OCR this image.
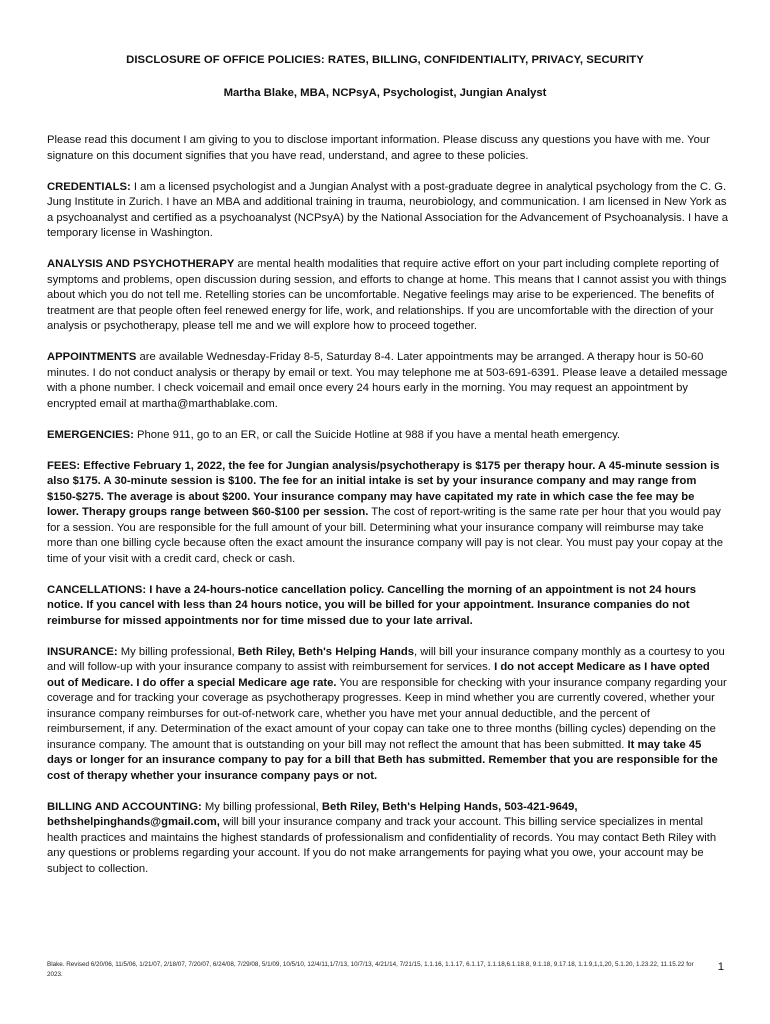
DISCLOSURE OF OFFICE POLICIES: RATES, BILLING, CONFIDENTIALITY, PRIVACY, SECURITY
Martha Blake, MBA, NCPsyA, Psychologist, Jungian Analyst

Please read this document I am giving to you to disclose important information. Please discuss any questions you have with me. Your signature on this document signifies that you have read, understand, and agree to these policies.

CREDENTIALS: I am a licensed psychologist and a Jungian Analyst with a post-graduate degree in analytical psychology from the C. G. Jung Institute in Zurich. I have an MBA and additional training in trauma, neurobiology, and communication. I am licensed in New York as a psychoanalyst and certified as a psychoanalyst (NCPsyA) by the National Association for the Advancement of Psychoanalysis. I have a temporary license in Washington.

ANALYSIS AND PSYCHOTHERAPY are mental health modalities that require active effort on your part including complete reporting of symptoms and problems, open discussion during session, and efforts to change at home. This means that I cannot assist you with things about which you do not tell me. Retelling stories can be uncomfortable. Negative feelings may arise to be experienced. The benefits of treatment are that people often feel renewed energy for life, work, and relationships. If you are uncomfortable with the direction of your analysis or psychotherapy, please tell me and we will explore how to proceed together.

APPOINTMENTS are available Wednesday-Friday 8-5, Saturday 8-4. Later appointments may be arranged. A therapy hour is 50-60 minutes. I do not conduct analysis or therapy by email or text. You may telephone me at 503-691-6391. Please leave a detailed message with a phone number. I check voicemail and email once every 24 hours early in the morning. You may request an appointment by encrypted email at martha@marthablake.com.

EMERGENCIES: Phone 911, go to an ER, or call the Suicide Hotline at 988 if you have a mental heath emergency.

FEES: Effective February 1, 2022, the fee for Jungian analysis/psychotherapy is $175 per therapy hour. A 45-minute session is also $175. A 30-minute session is $100. The fee for an initial intake is set by your insurance company and may range from $150-$275. The average is about $200. Your insurance company may have capitated my rate in which case the fee may be lower. Therapy groups range between $60-$100 per session. The cost of report-writing is the same rate per hour that you would pay for a session. You are responsible for the full amount of your bill. Determining what your insurance company will reimburse may take more than one billing cycle because often the exact amount the insurance company will pay is not clear. You must pay your copay at the time of your visit with a credit card, check or cash.

CANCELLATIONS: I have a 24-hours-notice cancellation policy. Cancelling the morning of an appointment is not 24 hours notice. If you cancel with less than 24 hours notice, you will be billed for your appointment. Insurance companies do not reimburse for missed appointments nor for time missed due to your late arrival.

INSURANCE: My billing professional, Beth Riley, Beth's Helping Hands, will bill your insurance company monthly as a courtesy to you and will follow-up with your insurance company to assist with reimbursement for services. I do not accept Medicare as I have opted out of Medicare. I do offer a special Medicare age rate. You are responsible for checking with your insurance company regarding your coverage and for tracking your coverage as psychotherapy progresses. Keep in mind whether you are currently covered, whether your insurance company reimburses for out-of-network care, whether you have met your annual deductible, and the percent of reimbursement, if any. Determination of the exact amount of your copay can take one to three months (billing cycles) depending on the insurance company. The amount that is outstanding on your bill may not reflect the amount that has been submitted. It may take 45 days or longer for an insurance company to pay for a bill that Beth has submitted. Remember that you are responsible for the cost of therapy whether your insurance company pays or not.

BILLING AND ACCOUNTING: My billing professional, Beth Riley, Beth's Helping Hands, 503-421-9649, bethshelpinghands@gmail.com, will bill your insurance company and track your account. This billing service specializes in mental health practices and maintains the highest standards of professionalism and confidentiality of records. You may contact Beth Riley with any questions or problems regarding your account. If you do not make arrangements for paying what you owe, your account may be subject to collection.

Blake. Revised 6/20/06, 11/5/06, 1/21/07, 2/18/07, 7/20/07, 6/24/08, 7/29/08, 5/1/09, 10/5/10, 12/4/11,1/7/13, 10/7/13, 4/21/14, 7/21/15, 1.1.16, 1.1.17, 6.1.17, 1.1.18,6.1.18.8, 9.1.18, 9.17.18, 1.1.9,1,1,20, 5.1.20, 1.23.22, 11.15.22 for 2023.
1
